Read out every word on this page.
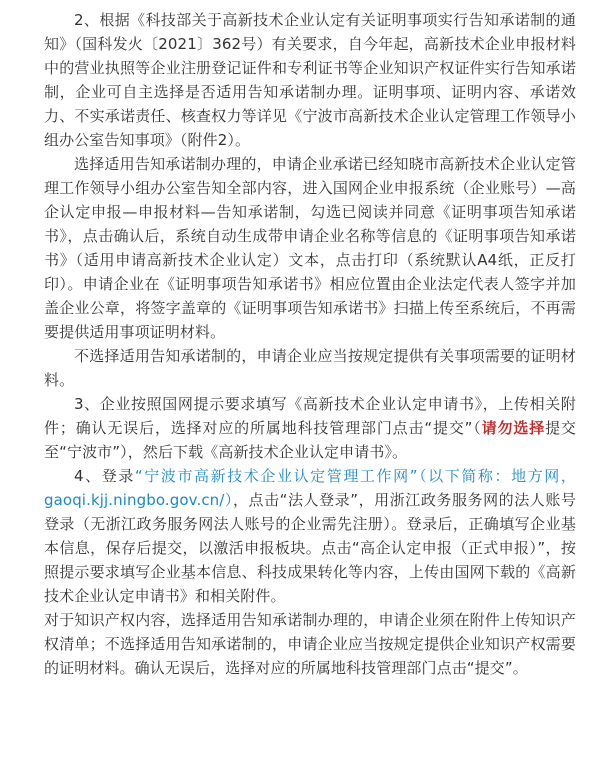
2、根据《科技部关于高新技术企业认定有关证明事项实行告知承诺制的通知》（国科发火〔2021〕362号）有关要求，自今年起，高新技术企业申报材料中的营业执照等企业注册登记证件和专利证书等企业知识产权证件实行告知承诺制，企业可自主选择是否适用告知承诺制办理。证明事项、证明内容、承诺效力、不实承诺责任、核查权力等详见《宁波市高新技术企业认定管理工作领导小组办公室告知事项》（附件2）。

选择适用告知承诺制办理的，申请企业承诺已经知晓市高新技术企业认定管理工作领导小组办公室告知全部内容，进入国网企业申报系统（企业账号）—高企认定申报—申报材料—告知承诺制，勾选已阅读并同意《证明事项告知承诺书》，点击确认后，系统自动生成带申请企业名称等信息的《证明事项告知承诺书》（适用申请高新技术企业认定）文本，点击打印（系统默认A4纸，正反打印）。申请企业在《证明事项告知承诺书》相应位置由企业法定代表人签字并加盖企业公章，将签字盖章的《证明事项告知承诺书》扫描上传至系统后，不再需要提供适用事项证明材料。

不选择适用告知承诺制的，申请企业应当按规定提供有关事项需要的证明材料。

3、企业按照国网提示要求填写《高新技术企业认定申请书》，上传相关附件；确认无误后，选择对应的所属地科技管理部门点击“提交”（请勿选择提交至“宁波市”），然后下载《高新技术企业认定申请书》。

4、登录“宁波市高新技术企业认定管理工作网”（以下简称：地方网，gaoqi.kjj.ningbo.gov.cn/），点击“法人登录”，用浙江政务服务网的法人账号登录（无浙江政务服务网法人账号的企业需先注册）。登录后，正确填写企业基本信息，保存后提交，以激活申报板块。点击“高企认定申报（正式申报）”，按照提示要求填写企业基本信息、科技成果转化等内容，上传由国网下载的《高新技术企业认定申请书》和相关附件。

对于知识产权内容，选择适用告知承诺制办理的，申请企业须在附件上传知识产权清单；不选择适用告知承诺制的，申请企业应当按规定提供企业知识产权需要的证明材料。确认无误后，选择对应的所属地科技管理部门点击“提交”。
